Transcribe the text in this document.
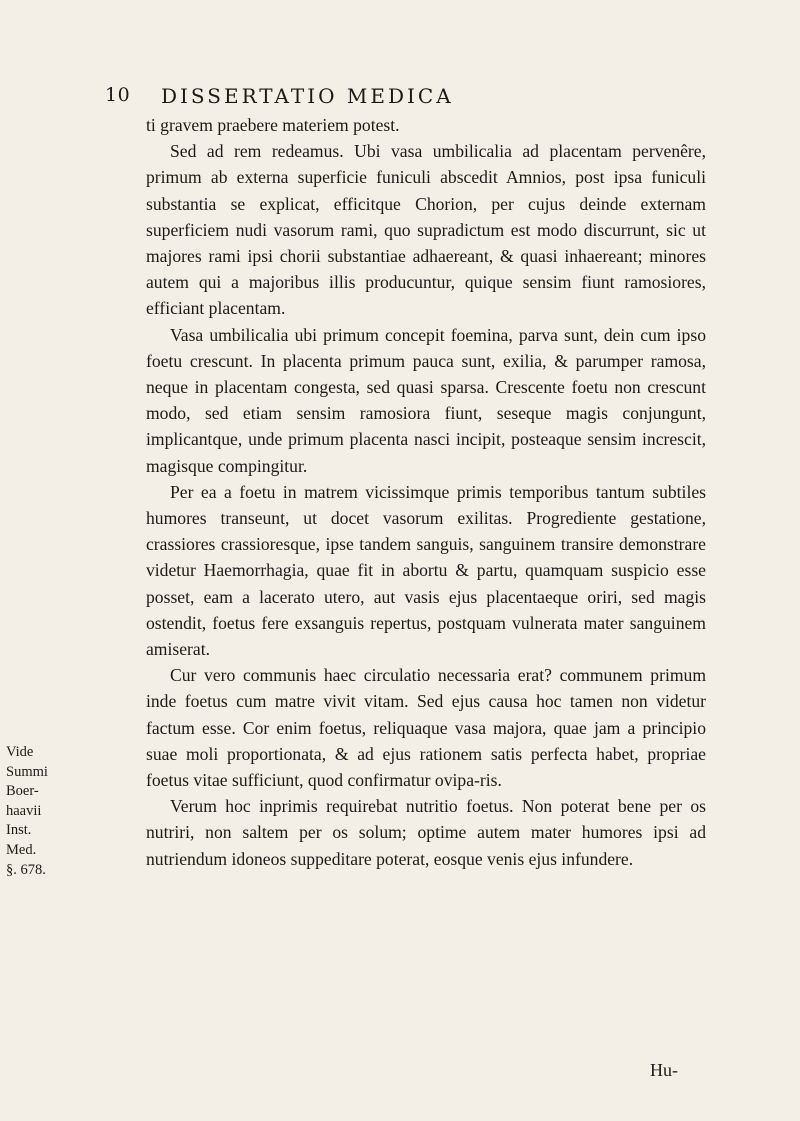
10 DISSERTATIO MEDICA
Vide
Summi
Boer-
haavii
Inst.
Med.
§. 678.

ti gravem praebere materiem potest.

Sed ad rem redeamus. Ubi vasa umbilicalia ad placentam pervenêre, primum ab externa superficie funiculi abscedit Amnios, post ipsa funiculi substantia se explicat, efficitque Chorion, per cujus deinde externam superficiem nudi vasorum rami, quo supradictum est modo discurrunt, sic ut majores rami ipsi chorii substantiae adhaereant, & quasi inhaereant; minores autem qui a majoribus illis producuntur, quique sensim fiunt ramosiores, efficiant placentam.

Vasa umbilicalia ubi primum concepit foemina, parva sunt, dein cum ipso foetu crescunt. In placenta primum pauca sunt, exilia, & parumper ramosa, neque in placentam congesta, sed quasi sparsa. Crescente foetu non crescunt modo, sed etiam sensim ramosiora fiunt, seseque magis conjungunt, implicantque, unde primum placenta nasci incipit, posteaque sensim increscit, magisque compingitur.

Per ea a foetu in matrem vicissimque primis temporibus tantum subtiles humores transeunt, ut docet vasorum exilitas. Progrediente gestatione, crassiores crassioresque, ipse tandem sanguis, sanguinem transire demonstrare videtur Haemorrhagia, quae fit in abortu & partu, quamquam suspicio esse posset, eam a lacerato utero, aut vasis ejus placentaeque oriri, sed magis ostendit, foetus fere exsanguis repertus, postquam vulnerata mater sanguinem amiserat.

Cur vero communis haec circulatio necessaria erat? communem primum inde foetus cum matre vivit vitam. Sed ejus causa hoc tamen non videtur factum esse. Cor enim foetus, reliquaque vasa majora, quae jam a principio suae moli proportionata, & ad ejus rationem satis perfecta habet, propriae foetus vitae sufficiunt, quod confirmatur ovipa-ris.

Verum hoc inprimis requirebat nutritio foetus. Non poterat bene per os nutriri, non saltem per os solum; optime autem mater humores ipsi ad nutriendum idoneos suppeditare poterat, eosque venis ejus infundere.

Hu-
